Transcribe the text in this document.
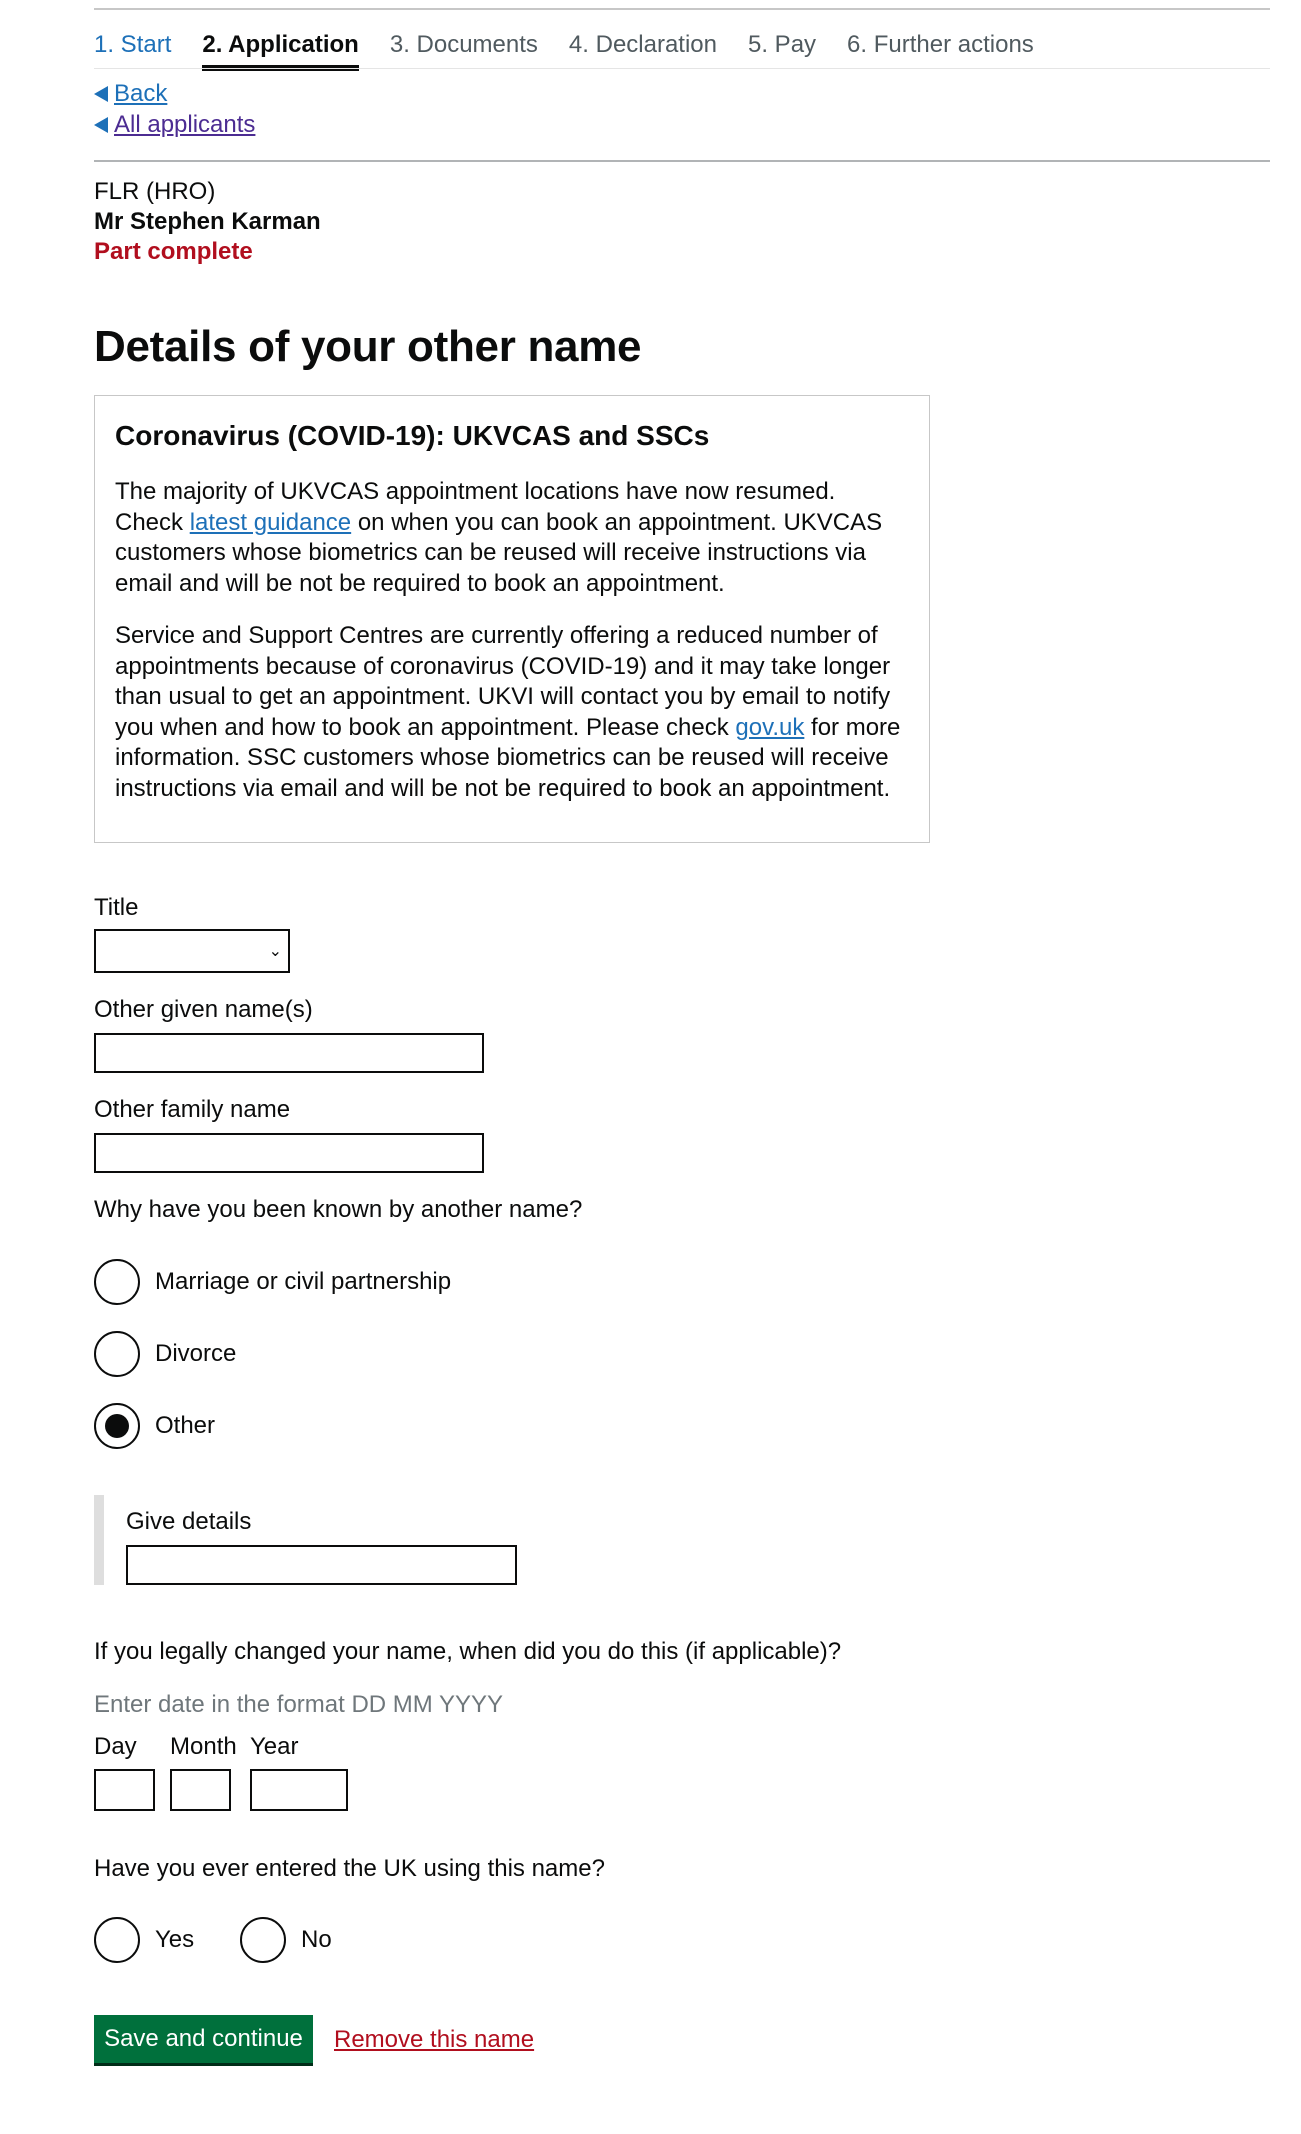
1. Start 2. Application 3. Documents 4. Declaration 5. Pay 6. Further actions
Back
All applicants
FLR (HRO)
Mr Stephen Karman
Part complete
Details of your other name
Coronavirus (COVID-19): UKVCAS and SSCs

The majority of UKVCAS appointment locations have now resumed. Check latest guidance on when you can book an appointment. UKVCAS customers whose biometrics can be reused will receive instructions via email and will be not be required to book an appointment.

Service and Support Centres are currently offering a reduced number of appointments because of coronavirus (COVID-19) and it may take longer than usual to get an appointment. UKVI will contact you by email to notify you when and how to book an appointment. Please check gov.uk for more information. SSC customers whose biometrics can be reused will receive instructions via email and will be not be required to book an appointment.

Title
⌄
Other given name(s)
Other family name
Why have you been known by another name?
Marriage or civil partnership
Divorce
Other
Give details
If you legally changed your name, when did you do this (if applicable)?
Enter date in the format DD MM YYYY
Day Month Year
Have you ever entered the UK using this name?
Yes	No
Save and continue	Remove this name
